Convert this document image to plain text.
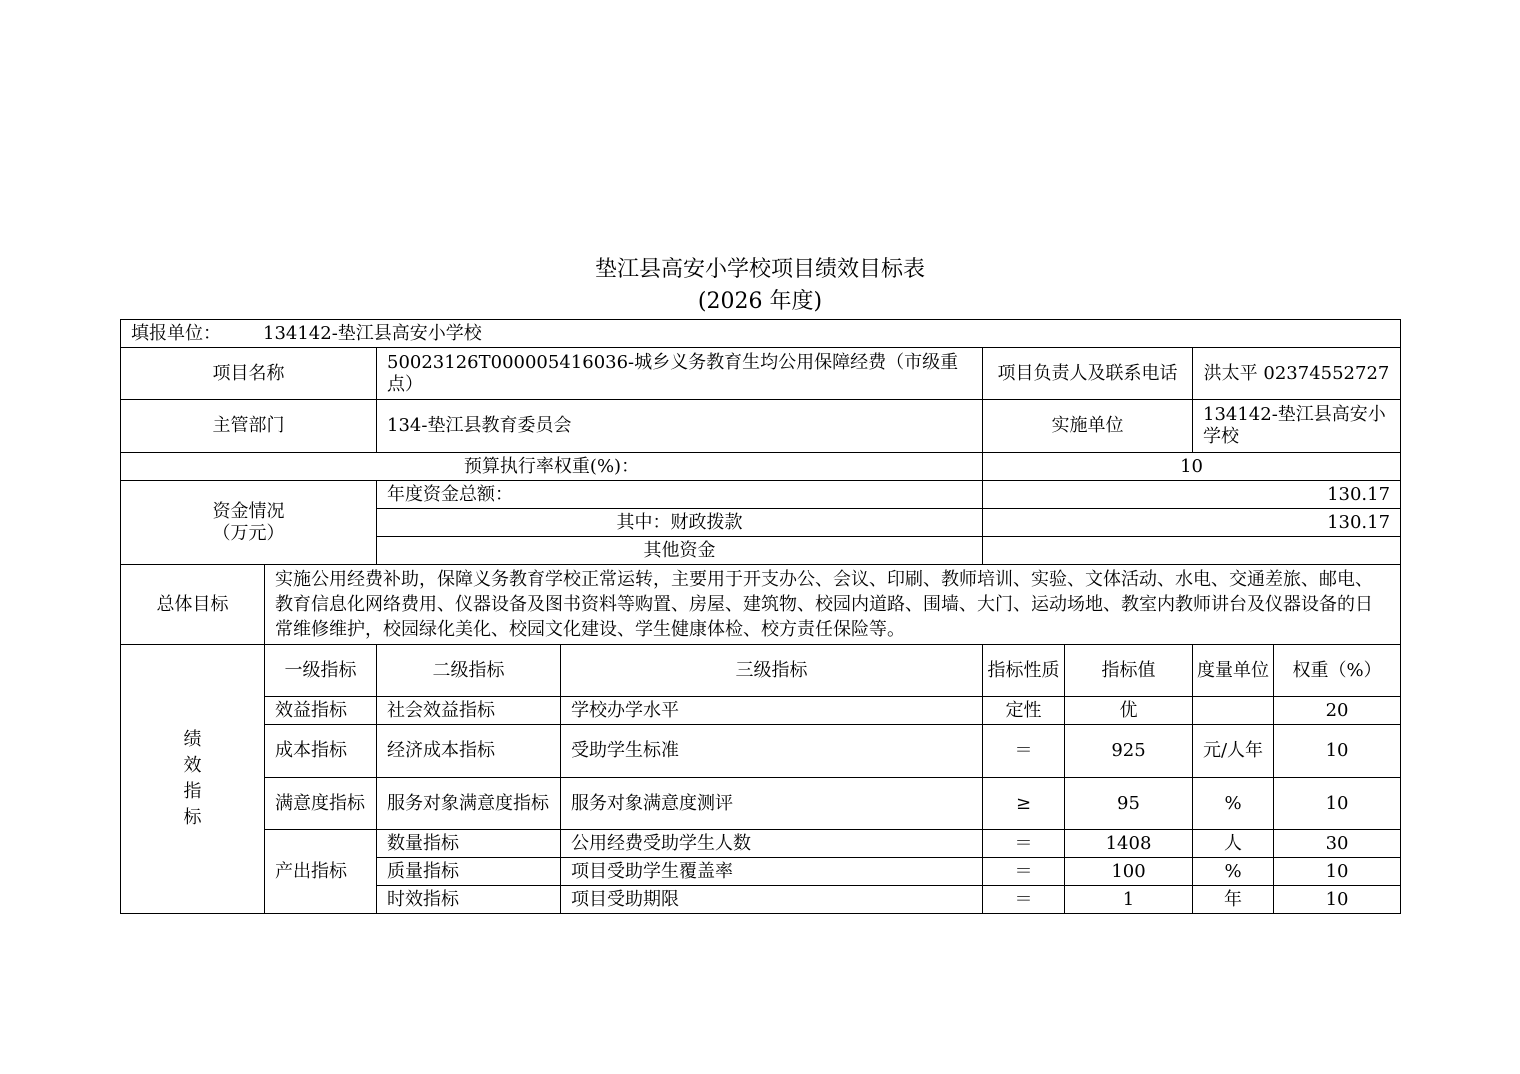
垫江县高安小学校项目绩效目标表
(2026 年度)
填报单位： 134142-垫江县高安小学校							
项目名称		50023126T000005416036-城乡义务教育生均公用保障经费（市级重点）		项目负责人及联系电话		洪太平 02374552727	
主管部门		134-垫江县教育委员会		实施单位		134142-垫江县高安小学校	
预算执行率权重(%)：				10			

资金情况
（万元）		年度资金总额：		130.17			
		其中：财政拨款		130.17			
		其他资金					
总体目标	实施公用经费补助，保障义务教育学校正常运转，主要用于开支办公、会议、印刷、教师培训、实验、文体活动、水电、交通差旅、邮电、教育信息化网络费用、仪器设备及图书资料等购置、房屋、建筑物、校园内道路、围墙、大门、运动场地、教室内教师讲台及仪器设备的日常维修维护，校园绿化美化、校园文化建设、学生健康体检、校方责任保险等。						

绩
效
指
标	一级指标	二级指标	三级指标	指标性质	指标值	度量单位	权重（%）
	效益指标	社会效益指标	学校办学水平	定性	优		20
	成本指标	经济成本指标	受助学生标准	＝	925	元/人年	10
	满意度指标	服务对象满意度指标	服务对象满意度测评	≥	95	%	10
	产出指标	数量指标	公用经费受助学生人数	＝	1408	人	30
		质量指标	项目受助学生覆盖率	＝	100	%	10
		时效指标	项目受助期限	＝	1	年	10
